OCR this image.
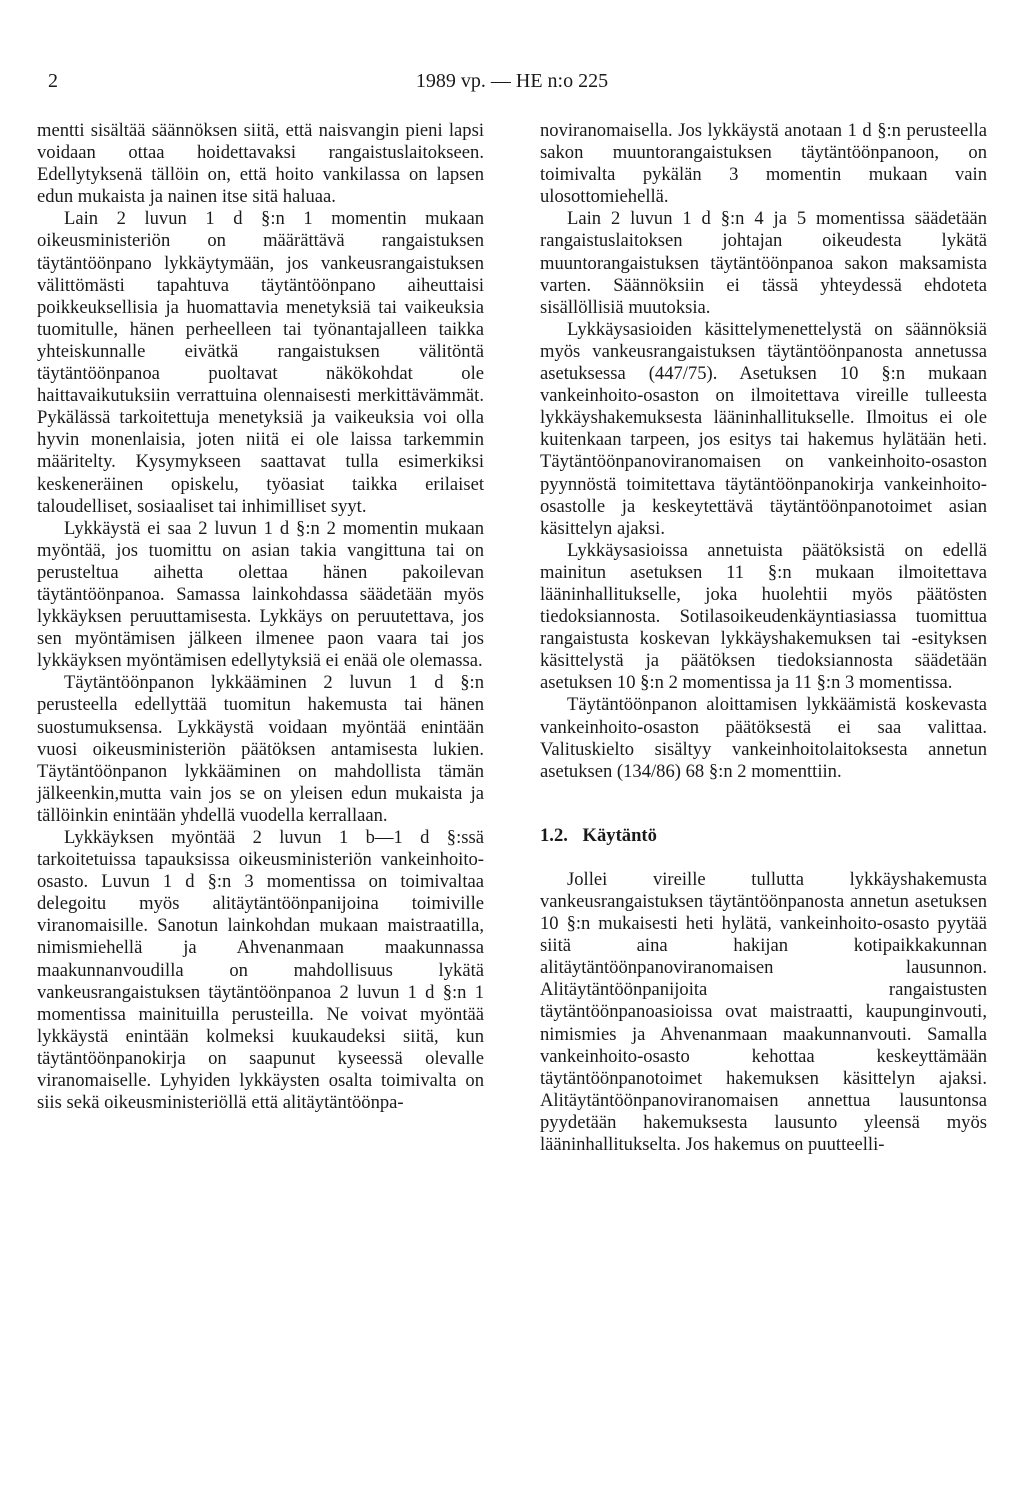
2	1989 vp. — HE n:o 225

mentti sisältää säännöksen siitä, että naisvangin pieni lapsi voidaan ottaa hoidettavaksi rangaistuslaitokseen. Edellytyksenä tällöin on, että hoito vankilassa on lapsen edun mukaista ja nainen itse sitä haluaa.

Lain 2 luvun 1 d §:n 1 momentin mukaan oikeusministeriön on määrättävä rangaistuksen täytäntöönpano lykkäytymään, jos vankeusrangaistuksen välittömästi tapahtuva täytäntöönpano aiheuttaisi poikkeuksellisia ja huomattavia menetyksiä tai vaikeuksia tuomitulle, hänen perheelleen tai työnantajalleen taikka yhteiskunnalle eivätkä rangaistuksen välitöntä täytäntöönpanoa puoltavat näkökohdat ole haittavaikutuksiin verrattuina olennaisesti merkittävämmät. Pykälässä tarkoitettuja menetyksiä ja vaikeuksia voi olla hyvin monenlaisia, joten niitä ei ole laissa tarkemmin määritelty. Kysymykseen saattavat tulla esimerkiksi keskeneräinen opiskelu, työasiat taikka erilaiset taloudelliset, sosiaaliset tai inhimilliset syyt.

Lykkäystä ei saa 2 luvun 1 d §:n 2 momentin mukaan myöntää, jos tuomittu on asian takia vangittuna tai on perusteltua aihetta olettaa hänen pakoilevan täytäntöönpanoa. Samassa lainkohdassa säädetään myös lykkäyksen peruuttamisesta. Lykkäys on peruutettava, jos sen myöntämisen jälkeen ilmenee paon vaara tai jos lykkäyksen myöntämisen edellytyksiä ei enää ole olemassa.

Täytäntöönpanon lykkääminen 2 luvun 1 d §:n perusteella edellyttää tuomitun hakemusta tai hänen suostumuksensa. Lykkäystä voidaan myöntää enintään vuosi oikeusministeriön päätöksen antamisesta lukien. Täytäntöönpanon lykkääminen on mahdollista tämän jälkeenkin,mutta vain jos se on yleisen edun mukaista ja tällöinkin enintään yhdellä vuodella kerrallaan.

Lykkäyksen myöntää 2 luvun 1 b—1 d §:ssä tarkoitetuissa tapauksissa oikeusministeriön vankeinhoito-osasto. Luvun 1 d §:n 3 momentissa on toimivaltaa delegoitu myös alitäytäntöönpanijoina toimiville viranomaisille. Sanotun lainkohdan mukaan maistraatilla, nimismiehellä ja Ahvenanmaan maakunnassa maakunnanvoudilla on mahdollisuus lykätä vankeusrangaistuksen täytäntöönpanoa 2 luvun 1 d §:n 1 momentissa mainituilla perusteilla. Ne voivat myöntää lykkäystä enintään kolmeksi kuukaudeksi siitä, kun täytäntöönpanokirja on saapunut kyseessä olevalle viranomaiselle. Lyhyiden lykkäysten osalta toimivalta on siis sekä oikeusministeriöllä että alitäytäntöönpa-

noviranomaisella. Jos lykkäystä anotaan 1 d §:n perusteella sakon muuntorangaistuksen täytäntöönpanoon, on toimivalta pykälän 3 momentin mukaan vain ulosottomiehellä.

Lain 2 luvun 1 d §:n 4 ja 5 momentissa säädetään rangaistuslaitoksen johtajan oikeudesta lykätä muuntorangaistuksen täytäntöönpanoa sakon maksamista varten. Säännöksiin ei tässä yhteydessä ehdoteta sisällöllisiä muutoksia.

Lykkäysasioiden käsittelymenettelystä on säännöksiä myös vankeusrangaistuksen täytäntöönpanosta annetussa asetuksessa (447/75). Asetuksen 10 §:n mukaan vankeinhoito-osaston on ilmoitettava vireille tulleesta lykkäyshakemuksesta lääninhallitukselle. Ilmoitus ei ole kuitenkaan tarpeen, jos esitys tai hakemus hylätään heti. Täytäntöönpanoviranomaisen on vankeinhoito-osaston pyynnöstä toimitettava täytäntöönpanokirja vankeinhoito-osastolle ja keskeytettävä täytäntöönpanotoimet asian käsittelyn ajaksi.

Lykkäysasioissa annetuista päätöksistä on edellä mainitun asetuksen 11 §:n mukaan ilmoitettava lääninhallitukselle, joka huolehtii myös päätösten tiedoksiannosta. Sotilasoikeudenkäyntiasiassa tuomittua rangaistusta koskevan lykkäyshakemuksen tai -esityksen käsittelystä ja päätöksen tiedoksiannosta säädetään asetuksen 10 §:n 2 momentissa ja 11 §:n 3 momentissa.

Täytäntöönpanon aloittamisen lykkäämistä koskevasta vankeinhoito-osaston päätöksestä ei saa valittaa. Valituskielto sisältyy vankeinhoitolaitoksesta annetun asetuksen (134/86) 68 §:n 2 momenttiin.

1.2. Käytäntö

Jollei vireille tullutta lykkäyshakemusta vankeusrangaistuksen täytäntöönpanosta annetun asetuksen 10 §:n mukaisesti heti hylätä, vankeinhoito-osasto pyytää siitä aina hakijan kotipaikkakunnan alitäytäntöönpanoviranomaisen lausunnon. Alitäytäntöönpanijoita rangaistusten täytäntöönpanoasioissa ovat maistraatti, kaupunginvouti, nimismies ja Ahvenanmaan maakunnanvouti. Samalla vankeinhoito-osasto kehottaa keskeyttämään täytäntöönpanotoimet hakemuksen käsittelyn ajaksi. Alitäytäntöönpanoviranomaisen annettua lausuntonsa pyydetään hakemuksesta lausunto yleensä myös lääninhallitukselta. Jos hakemus on puutteelli-
